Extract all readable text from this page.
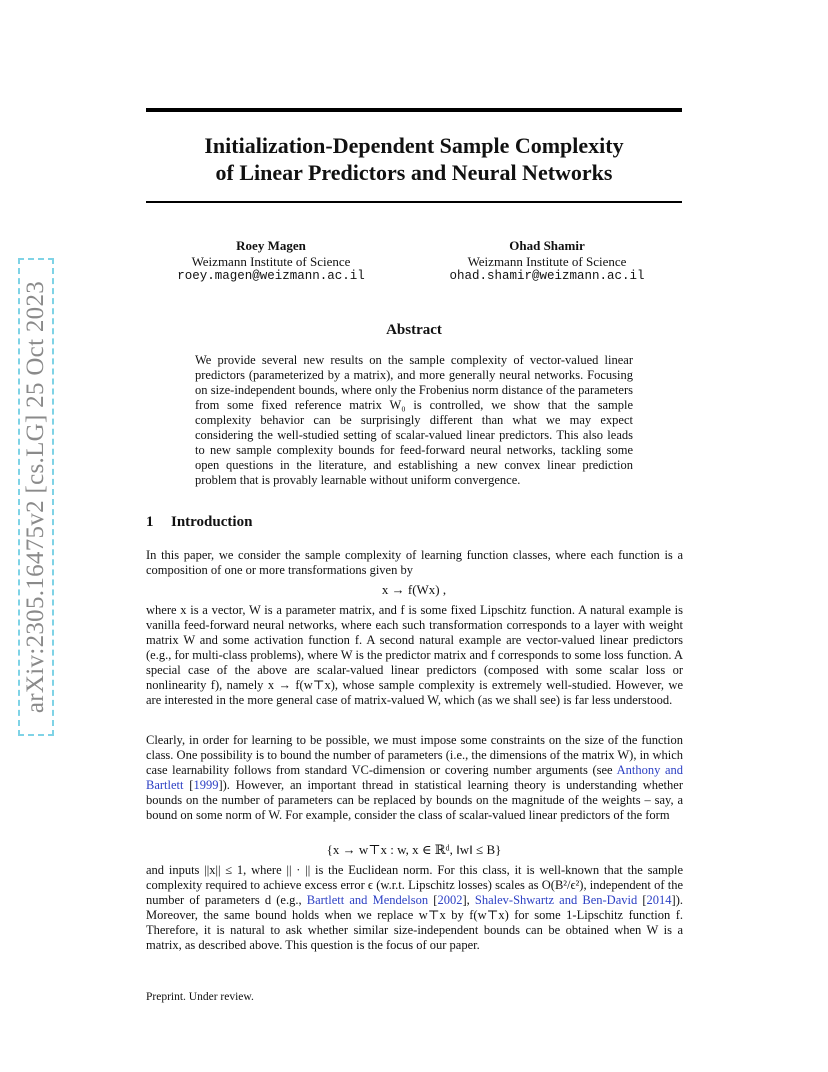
arXiv:2305.16475v2 [cs.LG] 25 Oct 2023
Initialization-Dependent Sample Complexity
of Linear Predictors and Neural Networks
Roey Magen
Weizmann Institute of Science
roey.magen@weizmann.ac.il
Ohad Shamir
Weizmann Institute of Science
ohad.shamir@weizmann.ac.il
Abstract
We provide several new results on the sample complexity of vector-valued linear predictors (parameterized by a matrix), and more generally neural networks. Focusing on size-independent bounds, where only the Frobenius norm distance of the parameters from some fixed reference matrix W₀ is controlled, we show that the sample complexity behavior can be surprisingly different than what we may expect considering the well-studied setting of scalar-valued linear predictors. This also leads to new sample complexity bounds for feed-forward neural networks, tackling some open questions in the literature, and establishing a new convex linear prediction problem that is provably learnable without uniform convergence.
1 Introduction
In this paper, we consider the sample complexity of learning function classes, where each function is a composition of one or more transformations given by
x → f(Wx) ,
where x is a vector, W is a parameter matrix, and f is some fixed Lipschitz function. A natural example is vanilla feed-forward neural networks, where each such transformation corresponds to a layer with weight matrix W and some activation function f. A second natural example are vector-valued linear predictors (e.g., for multi-class problems), where W is the predictor matrix and f corresponds to some loss function. A special case of the above are scalar-valued linear predictors (composed with some scalar loss or nonlinearity f), namely x → f(w⊤x), whose sample complexity is extremely well-studied. However, we are interested in the more general case of matrix-valued W, which (as we shall see) is far less understood.
Clearly, in order for learning to be possible, we must impose some constraints on the size of the function class. One possibility is to bound the number of parameters (i.e., the dimensions of the matrix W), in which case learnability follows from standard VC-dimension or covering number arguments (see Anthony and Bartlett [1999]). However, an important thread in statistical learning theory is understanding whether bounds on the number of parameters can be replaced by bounds on the magnitude of the weights – say, a bound on some norm of W. For example, consider the class of scalar-valued linear predictors of the form
{x → w⊤x : w, x ∈ ℝᵈ, ‖w‖ ≤ B}
and inputs ||x|| ≤ 1, where || · || is the Euclidean norm. For this class, it is well-known that the sample complexity required to achieve excess error ϵ (w.r.t. Lipschitz losses) scales as O(B²/ϵ²), independent of the number of parameters d (e.g., Bartlett and Mendelson [2002], Shalev-Shwartz and Ben-David [2014]). Moreover, the same bound holds when we replace w⊤x by f(w⊤x) for some 1-Lipschitz function f. Therefore, it is natural to ask whether similar size-independent bounds can be obtained when W is a matrix, as described above. This question is the focus of our paper.
Preprint. Under review.
